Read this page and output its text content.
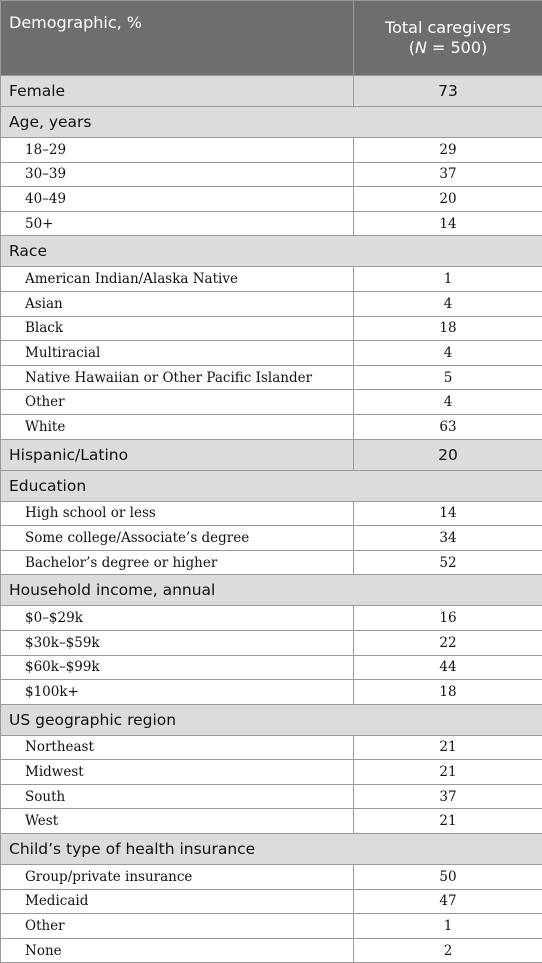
Demographic, %	Total caregivers
(N = 500)
Female	73
Age, years	
18–29	29
30–39	37
40–49	20
50+	14
Race	
American Indian/Alaska Native	1
Asian	4
Black	18
Multiracial	4
Native Hawaiian or Other Pacific Islander	5
Other	4
White	63
Hispanic/Latino	20
Education	
High school or less	14
Some college/Associate’s degree	34
Bachelor’s degree or higher	52
Household income, annual	
$0–$29k	16
$30k–$59k	22
$60k–$99k	44
$100k+	18
US geographic region	
Northeast	21
Midwest	21
South	37
West	21
Child’s type of health insurance	
Group/private insurance	50
Medicaid	47
Other	1
None	2
